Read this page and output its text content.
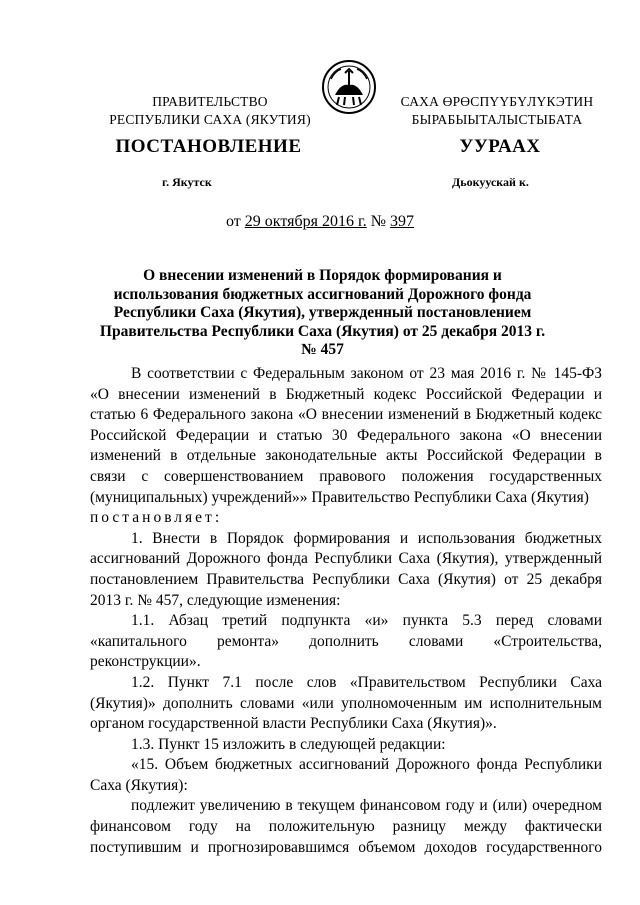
ПРАВИТЕЛЬСТВО
РЕСПУБЛИКИ САХА (ЯКУТИЯ)
САХА ӨРӨСПҮҮБҮЛҮКЭТИН
БЫРАБЫЫТАЛЫСТЫБАТА
ПОСТАНОВЛЕНИЕ	УУРААХ
г. Якутск	Дьокуускай к.
от 29 октября 2016 г. № 397
О внесении изменений в Порядок формирования и использования бюджетных ассигнований Дорожного фонда Республики Саха (Якутия), утвержденный постановлением Правительства Республики Саха (Якутия) от 25 декабря 2013 г. № 457

В соответствии с Федеральным законом от 23 мая 2016 г. № 145-ФЗ «О внесении изменений в Бюджетный кодекс Российской Федерации и статью 6 Федерального закона «О внесении изменений в Бюджетный кодекс Российской Федерации и статью 30 Федерального закона «О внесении изменений в отдельные законодательные акты Российской Федерации в связи с совершенствованием правового положения государственных (муниципальных) учреждений»» Правительство Республики Саха (Якутия)

постановляет:

1. Внести в Порядок формирования и использования бюджетных ассигнований Дорожного фонда Республики Саха (Якутия), утвержденный постановлением Правительства Республики Саха (Якутия) от 25 декабря 2013 г. № 457, следующие изменения:

1.1. Абзац третий подпункта «и» пункта 5.3 перед словами «капитального ремонта» дополнить словами «Строительства, реконструкции».

1.2. Пункт 7.1 после слов «Правительством Республики Саха (Якутия)» дополнить словами «или уполномоченным им исполнительным органом государственной власти Республики Саха (Якутия)».

1.3. Пункт 15 изложить в следующей редакции:

«15. Объем бюджетных ассигнований Дорожного фонда Республики Саха (Якутия):

подлежит увеличению в текущем финансовом году и (или) очередном финансовом году на положительную разницу между фактически поступившим и прогнозировавшимся объемом доходов государственного
